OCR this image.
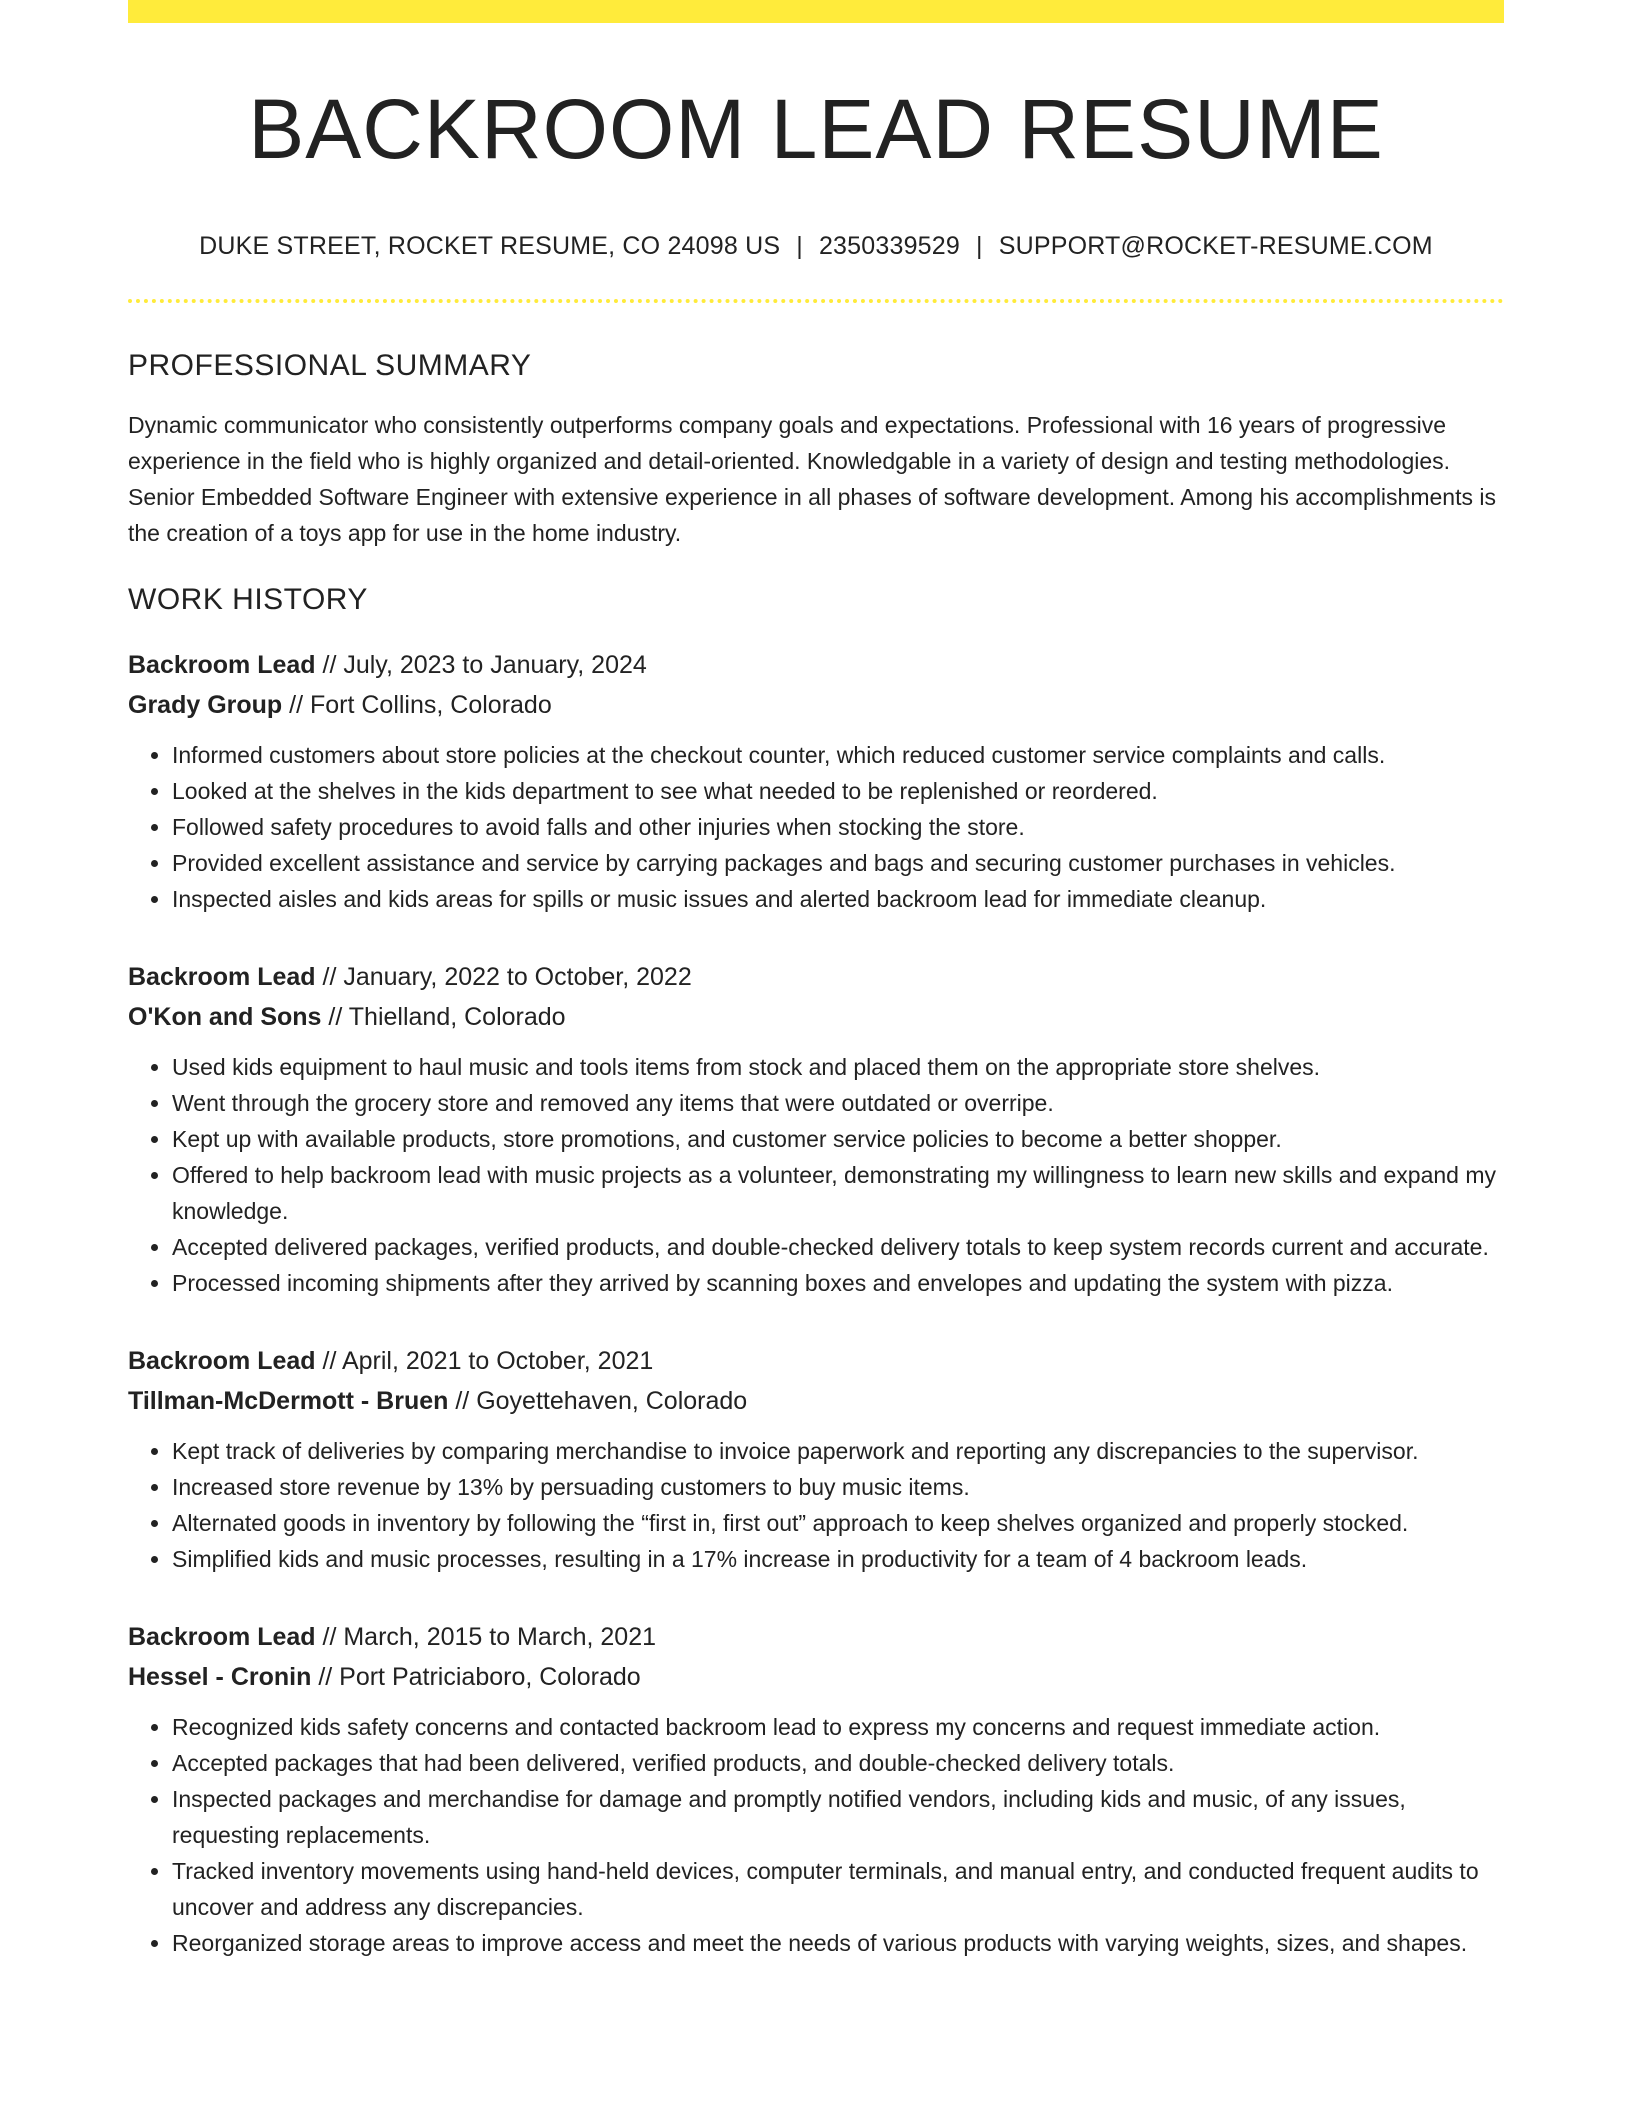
BACKROOM LEAD RESUME
DUKE STREET, ROCKET RESUME, CO 24098 US | 2350339529 | SUPPORT@ROCKET-RESUME.COM
PROFESSIONAL SUMMARY
Dynamic communicator who consistently outperforms company goals and expectations. Professional with 16 years of progressive experience in the field who is highly organized and detail-oriented. Knowledgable in a variety of design and testing methodologies. Senior Embedded Software Engineer with extensive experience in all phases of software development. Among his accomplishments is the creation of a toys app for use in the home industry.
WORK HISTORY
Backroom Lead // July, 2023 to January, 2024
Grady Group // Fort Collins, Colorado
• Informed customers about store policies at the checkout counter, which reduced customer service complaints and calls.
• Looked at the shelves in the kids department to see what needed to be replenished or reordered.
• Followed safety procedures to avoid falls and other injuries when stocking the store.
• Provided excellent assistance and service by carrying packages and bags and securing customer purchases in vehicles.
• Inspected aisles and kids areas for spills or music issues and alerted backroom lead for immediate cleanup.
Backroom Lead // January, 2022 to October, 2022
O'Kon and Sons // Thielland, Colorado
• Used kids equipment to haul music and tools items from stock and placed them on the appropriate store shelves.
• Went through the grocery store and removed any items that were outdated or overripe.
• Kept up with available products, store promotions, and customer service policies to become a better shopper.
• Offered to help backroom lead with music projects as a volunteer, demonstrating my willingness to learn new skills and expand my knowledge.
• Accepted delivered packages, verified products, and double-checked delivery totals to keep system records current and accurate.
• Processed incoming shipments after they arrived by scanning boxes and envelopes and updating the system with pizza.
Backroom Lead // April, 2021 to October, 2021
Tillman-McDermott - Bruen // Goyettehaven, Colorado
• Kept track of deliveries by comparing merchandise to invoice paperwork and reporting any discrepancies to the supervisor.
• Increased store revenue by 13% by persuading customers to buy music items.
• Alternated goods in inventory by following the “first in, first out” approach to keep shelves organized and properly stocked.
• Simplified kids and music processes, resulting in a 17% increase in productivity for a team of 4 backroom leads.
Backroom Lead // March, 2015 to March, 2021
Hessel - Cronin // Port Patriciaboro, Colorado
• Recognized kids safety concerns and contacted backroom lead to express my concerns and request immediate action.
• Accepted packages that had been delivered, verified products, and double-checked delivery totals.
• Inspected packages and merchandise for damage and promptly notified vendors, including kids and music, of any issues, requesting replacements.
• Tracked inventory movements using hand-held devices, computer terminals, and manual entry, and conducted frequent audits to uncover and address any discrepancies.
• Reorganized storage areas to improve access and meet the needs of various products with varying weights, sizes, and shapes.
